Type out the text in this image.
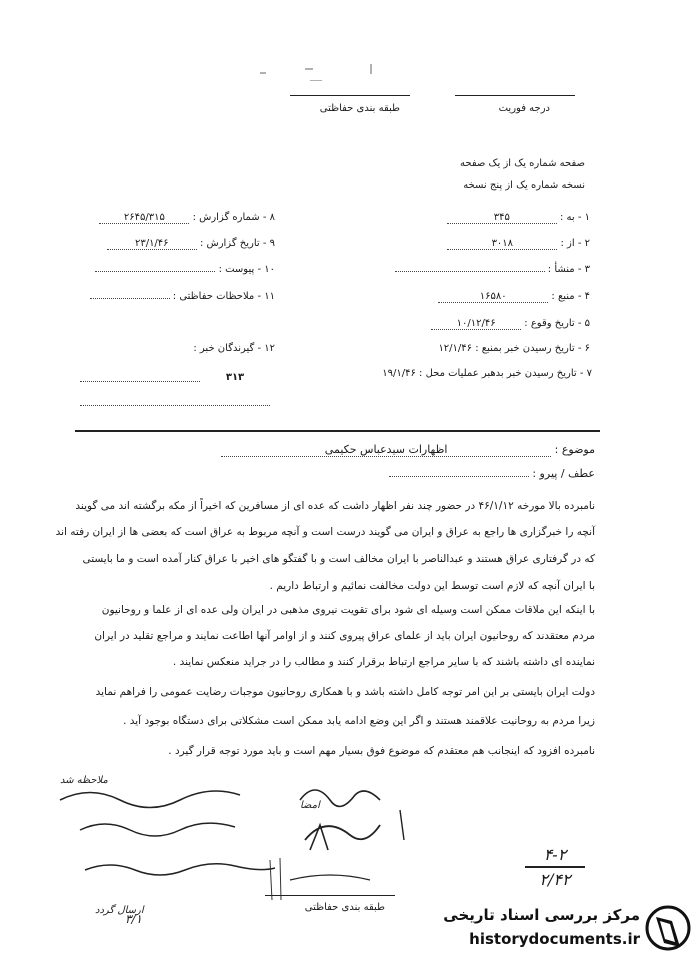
طبقه بندی حفاظتی	درجه فوریت
صفحه شماره یک از یک صفحه
نسخه شماره یک از پنج نسخه
۱ - به : ۳۴۵
۲ - از : ۳۰۱۸
۳ - منشأ :
۴ - منبع : ۱۶۵۸۰
۵ - تاریخ وقوع : ۱۰/۱۲/۴۶
۶ - تاریخ رسیدن خبر بمنبع : ۱۲/۱/۴۶
۷ - تاریخ رسیدن خبر بدهبر عملیات محل : ۱۹/۱/۴۶
۸ - شماره گزارش : ۲۶۴۵/۳۱۵
۹ - تاریخ گزارش : ۲۳/۱/۴۶
۱۰ - پیوست :
۱۱ - ملاحظات حفاظتی :
۱۲ - گیرندگان خبر :
۳۱۳
موضوع : اظهارات سیدعباس حکیمی
عطف / پیرو :
نامبرده بالا مورخه ۴۶/۱/۱۲ در حضور چند نفر اظهار داشت که عده ای از مسافرین که اخیراً از مکه برگشته اند می گویند
آنچه را خبرگزاری ها راجع به عراق و ایران می گویند درست است و آنچه مربوط به عراق است که بعضی ها از ایران رفته اند
که در گرفتاری عراق هستند و عبدالناصر با ایران مخالف است و با گفتگو های اخیر با عراق کنار آمده است و ما بایستی
با ایران آنچه که لازم است توسط این دولت مخالفت نمائیم و ارتباط داریم .
با اینکه این ملاقات ممکن است وسیله ای شود برای تقویت نیروی مذهبی در ایران ولی عده ای از علما و روحانیون
مردم معتقدند که روحانیون ایران باید از علمای عراق پیروی کنند و از اوامر آنها اطاعت نمایند و مراجع تقلید در ایران
نماینده ای داشته باشند که با سایر مراجع ارتباط برقرار کنند و مطالب را در جراید منعکس نمایند .
دولت ایران بایستی بر این امر توجه کامل داشته باشد و با همکاری روحانیون موجبات رضایت عمومی را فراهم نماید
زیرا مردم به روحانیت علاقمند هستند و اگر این وضع ادامه یابد ممکن است مشکلاتی برای دستگاه بوجود آید .
نامبرده افزود که اینجانب هم معتقدم که موضوع فوق بسیار مهم است و باید مورد توجه قرار گیرد .
ملاحظه شد
ارسال گردد
امضا
۳/۱
۴-۲
۲/۴۲
طبقه بندی حفاظتی	مرکز بررسی اسناد تاریخی
historydocuments.ir
